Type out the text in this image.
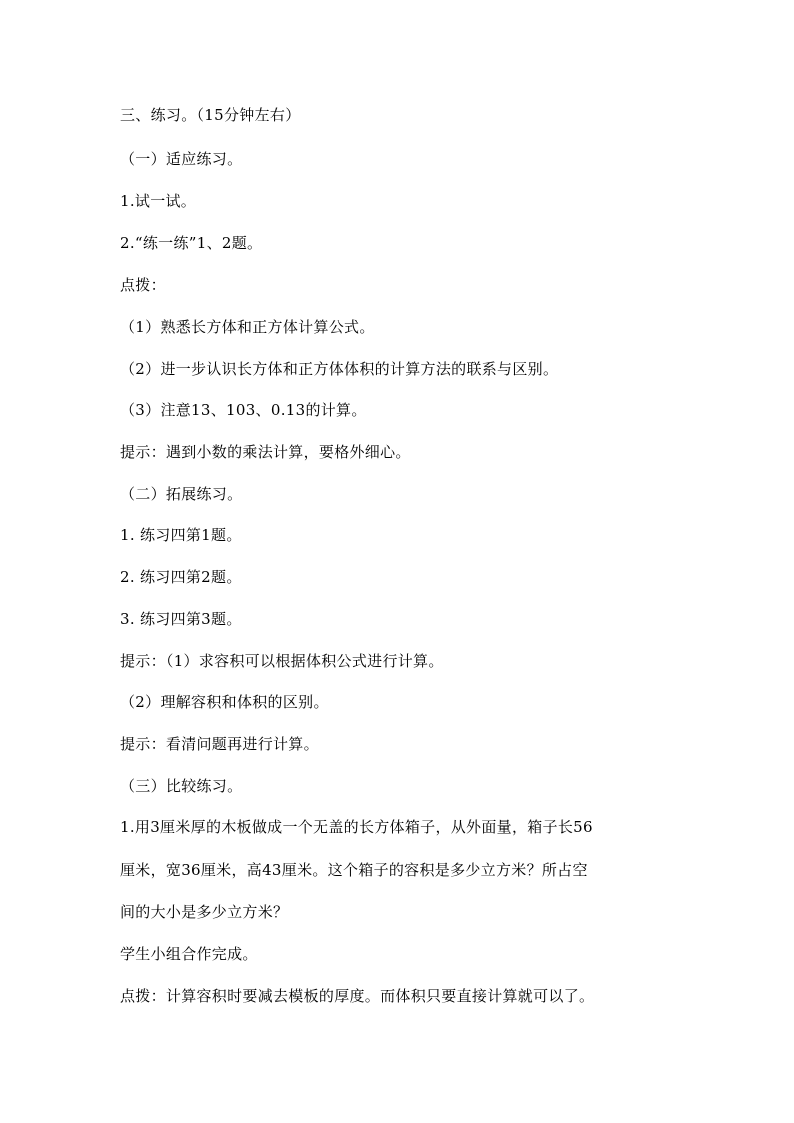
三、练习。（15分钟左右）
（一）适应练习。
1.试一试。
2.“练一练”1、2题。
点拨：
（1）熟悉长方体和正方体计算公式。
（2）进一步认识长方体和正方体体积的计算方法的联系与区别。
（3）注意13、103、0.13的计算。
提示：遇到小数的乘法计算，要格外细心。
（二）拓展练习。
1. 练习四第1题。
2. 练习四第2题。
3. 练习四第3题。
提示：（1）求容积可以根据体积公式进行计算。
（2）理解容积和体积的区别。
提示：看清问题再进行计算。
（三）比较练习。
1.用3厘米厚的木板做成一个无盖的长方体箱子，从外面量，箱子长56
厘米，宽36厘米，高43厘米。这个箱子的容积是多少立方米？所占空
间的大小是多少立方米？
学生小组合作完成。
点拨：计算容积时要减去模板的厚度。而体积只要直接计算就可以了。
